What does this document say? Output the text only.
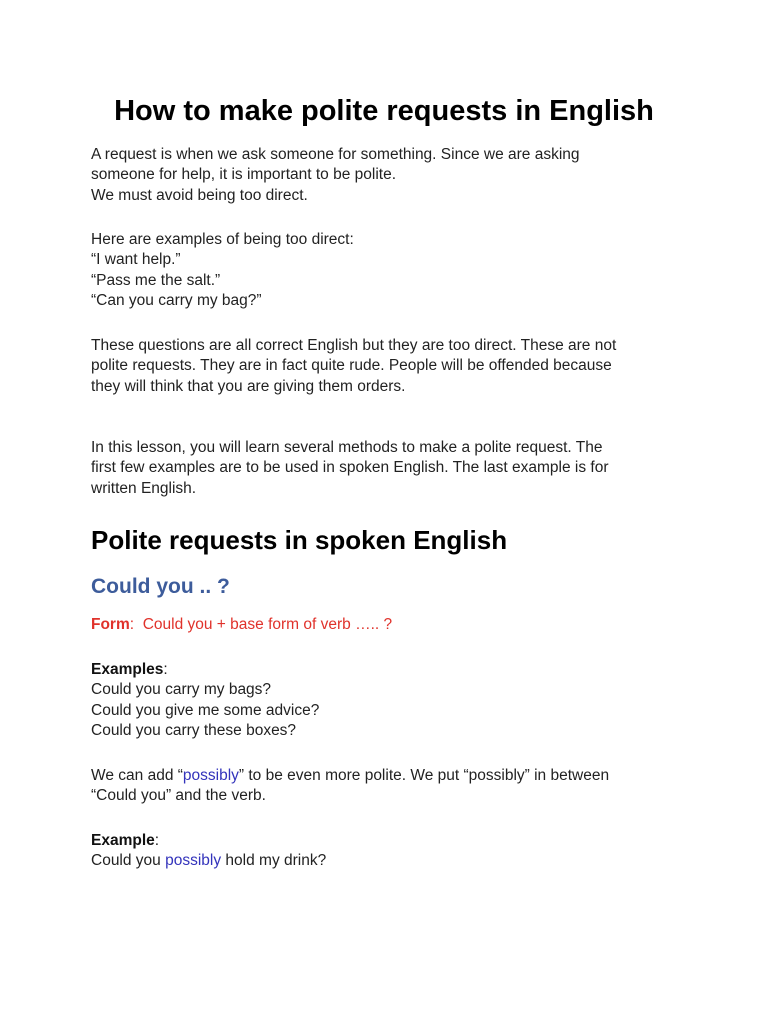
How to make polite requests in English

A request is when we ask someone for something. Since we are asking

someone for help, it is important to be polite.

We must avoid being too direct.

Here are examples of being too direct:

“I want help.”

“Pass me the salt.”

“Can you carry my bag?”

These questions are all correct English but they are too direct. These are not

polite requests. They are in fact quite rude. People will be offended because

they will think that you are giving them orders.

In this lesson, you will learn several methods to make a polite request. The

first few examples are to be used in spoken English. The last example is for

written English.

Polite requests in spoken English
Could you .. ?

Form: Could you + base form of verb ….. ?

Examples:

Could you carry my bags?

Could you give me some advice?

Could you carry these boxes?

We can add “possibly” to be even more polite. We put “possibly” in between

“Could you” and the verb.

Example:

Could you possibly hold my drink?
